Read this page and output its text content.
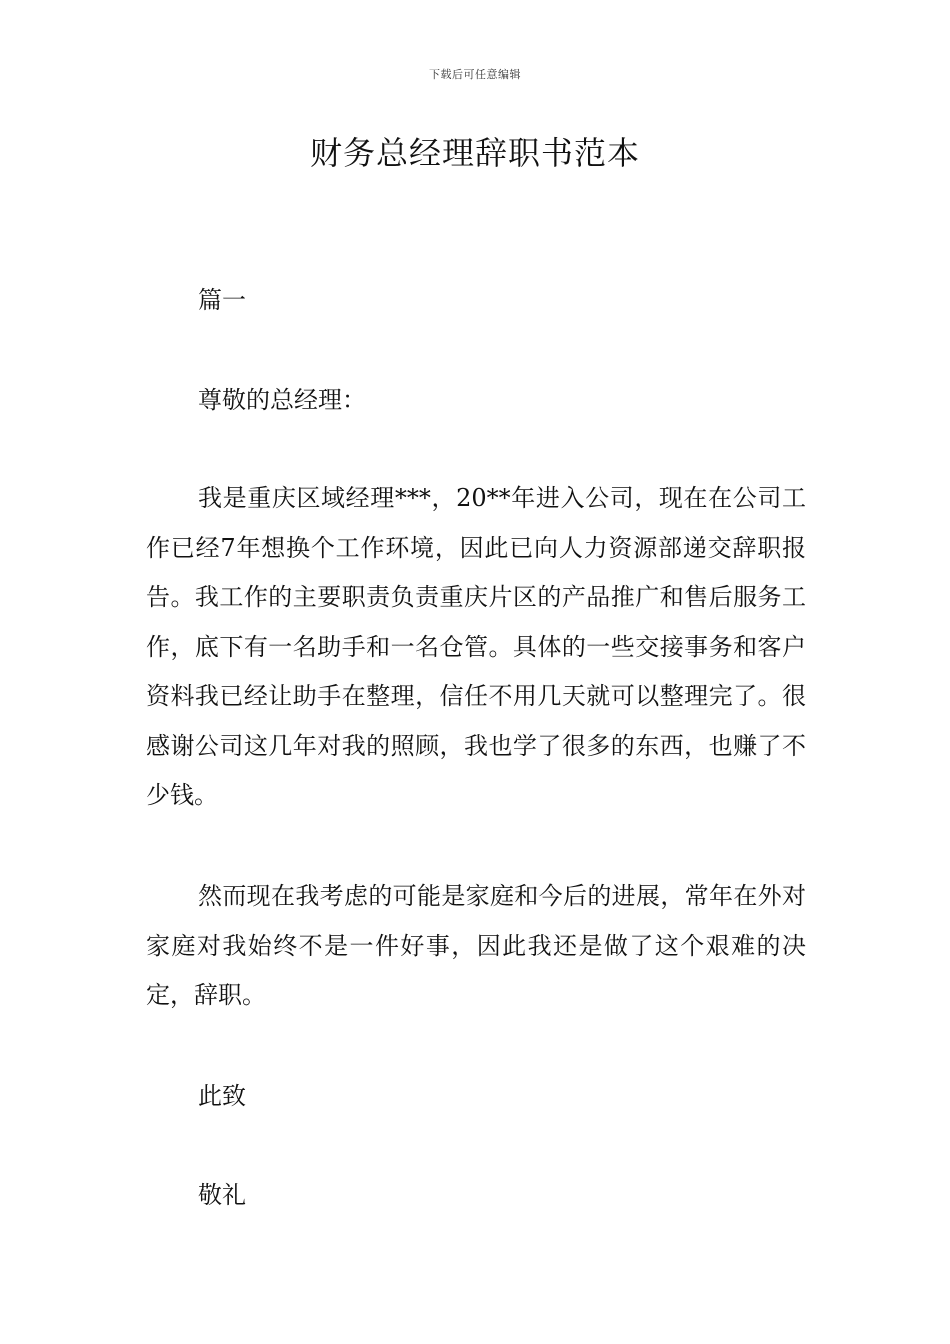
下载后可任意编辑
财务总经理辞职书范本
篇一
尊敬的总经理：
我是重庆区域经理***，20**年进入公司，现在在公司工作已经7年想换个工作环境，因此已向人力资源部递交辞职报告。我工作的主要职责负责重庆片区的产品推广和售后服务工作，底下有一名助手和一名仓管。具体的一些交接事务和客户资料我已经让助手在整理，信任不用几天就可以整理完了。很感谢公司这几年对我的照顾，我也学了很多的东西，也赚了不少钱。
然而现在我考虑的可能是家庭和今后的进展，常年在外对家庭对我始终不是一件好事，因此我还是做了这个艰难的决定，辞职。
此致
敬礼
